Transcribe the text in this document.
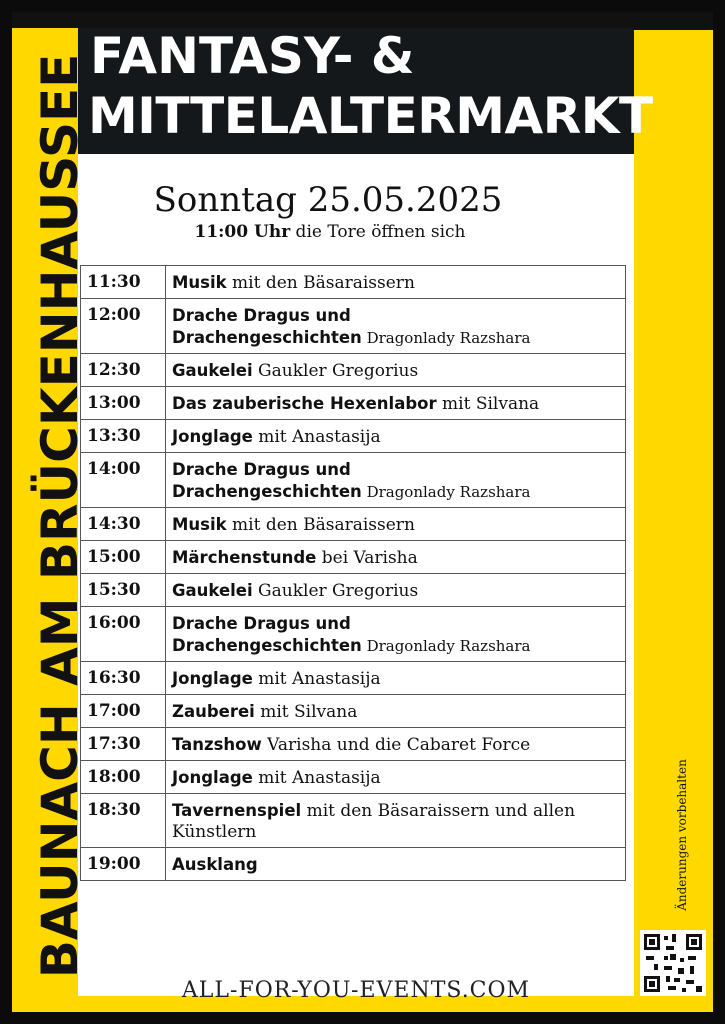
BAUNACH AM BRÜCKENHAUSSEE FANTASY- &
MITTELALTERMARKT
Sonntag 25.05.2025
11:00 Uhr die Tore öffnen sich
11:30	Musik mit den Bäsaraissern
12:00	Drache Dragus und
Drachengeschichten Dragonlady Razshara
12:30	Gaukelei Gaukler Gregorius
13:00	Das zauberische Hexenlabor mit Silvana
13:30	Jonglage mit Anastasija
14:00	Drache Dragus und
Drachengeschichten Dragonlady Razshara
14:30	Musik mit den Bäsaraissern
15:00	Märchenstunde bei Varisha
15:30	Gaukelei Gaukler Gregorius
16:00	Drache Dragus und
Drachengeschichten Dragonlady Razshara
16:30	Jonglage mit Anastasija
17:00	Zauberei mit Silvana
17:30	Tanzshow Varisha und die Cabaret Force
18:00	Jonglage mit Anastasija
18:30	Tavernenspiel mit den Bäsaraissern und allen Künstlern
19:00	Ausklang	Änderungen vorbehalten
ALL-FOR-YOU-EVENTS.COM
